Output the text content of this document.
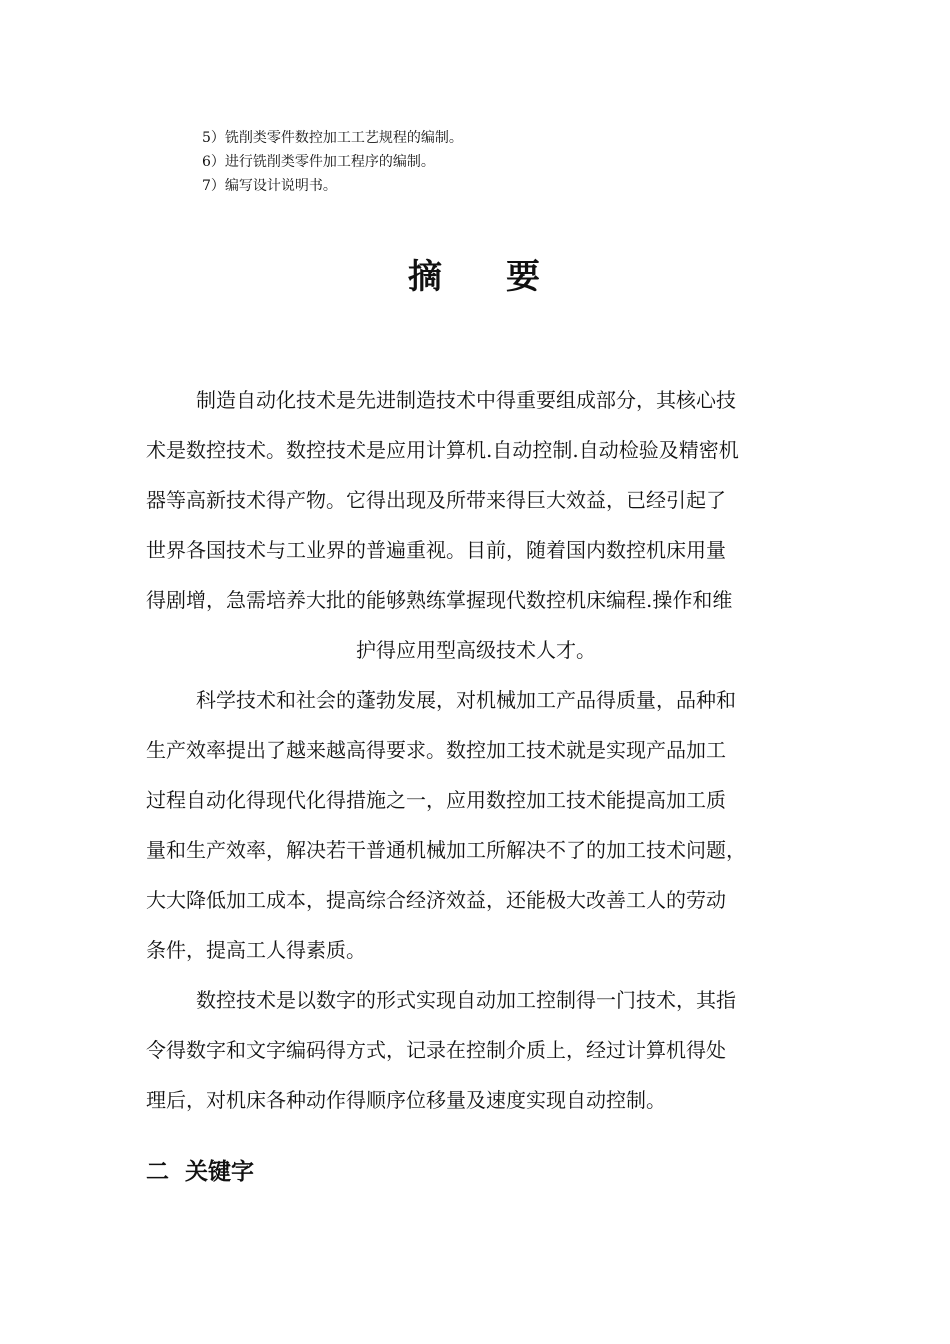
5）铣削类零件数控加工工艺规程的编制。
6）进行铣削类零件加工程序的编制。
7）编写设计说明书。
摘 要
制造自动化技术是先进制造技术中得重要组成部分，其核心技
术是数控技术。数控技术是应用计算机.自动控制.自动检验及精密机
器等高新技术得产物。它得出现及所带来得巨大效益，已经引起了
世界各国技术与工业界的普遍重视。目前，随着国内数控机床用量
得剧增，急需培养大批的能够熟练掌握现代数控机床编程.操作和维
护得应用型高级技术人才。
科学技术和社会的蓬勃发展，对机械加工产品得质量，品种和
生产效率提出了越来越高得要求。数控加工技术就是实现产品加工
过程自动化得现代化得措施之一，应用数控加工技术能提高加工质
量和生产效率，解决若干普通机械加工所解决不了的加工技术问题，
大大降低加工成本，提高综合经济效益，还能极大改善工人的劳动
条件，提高工人得素质。
数控技术是以数字的形式实现自动加工控制得一门技术，其指
令得数字和文字编码得方式，记录在控制介质上，经过计算机得处
理后，对机床各种动作得顺序位移量及速度实现自动控制。
二  关键字
